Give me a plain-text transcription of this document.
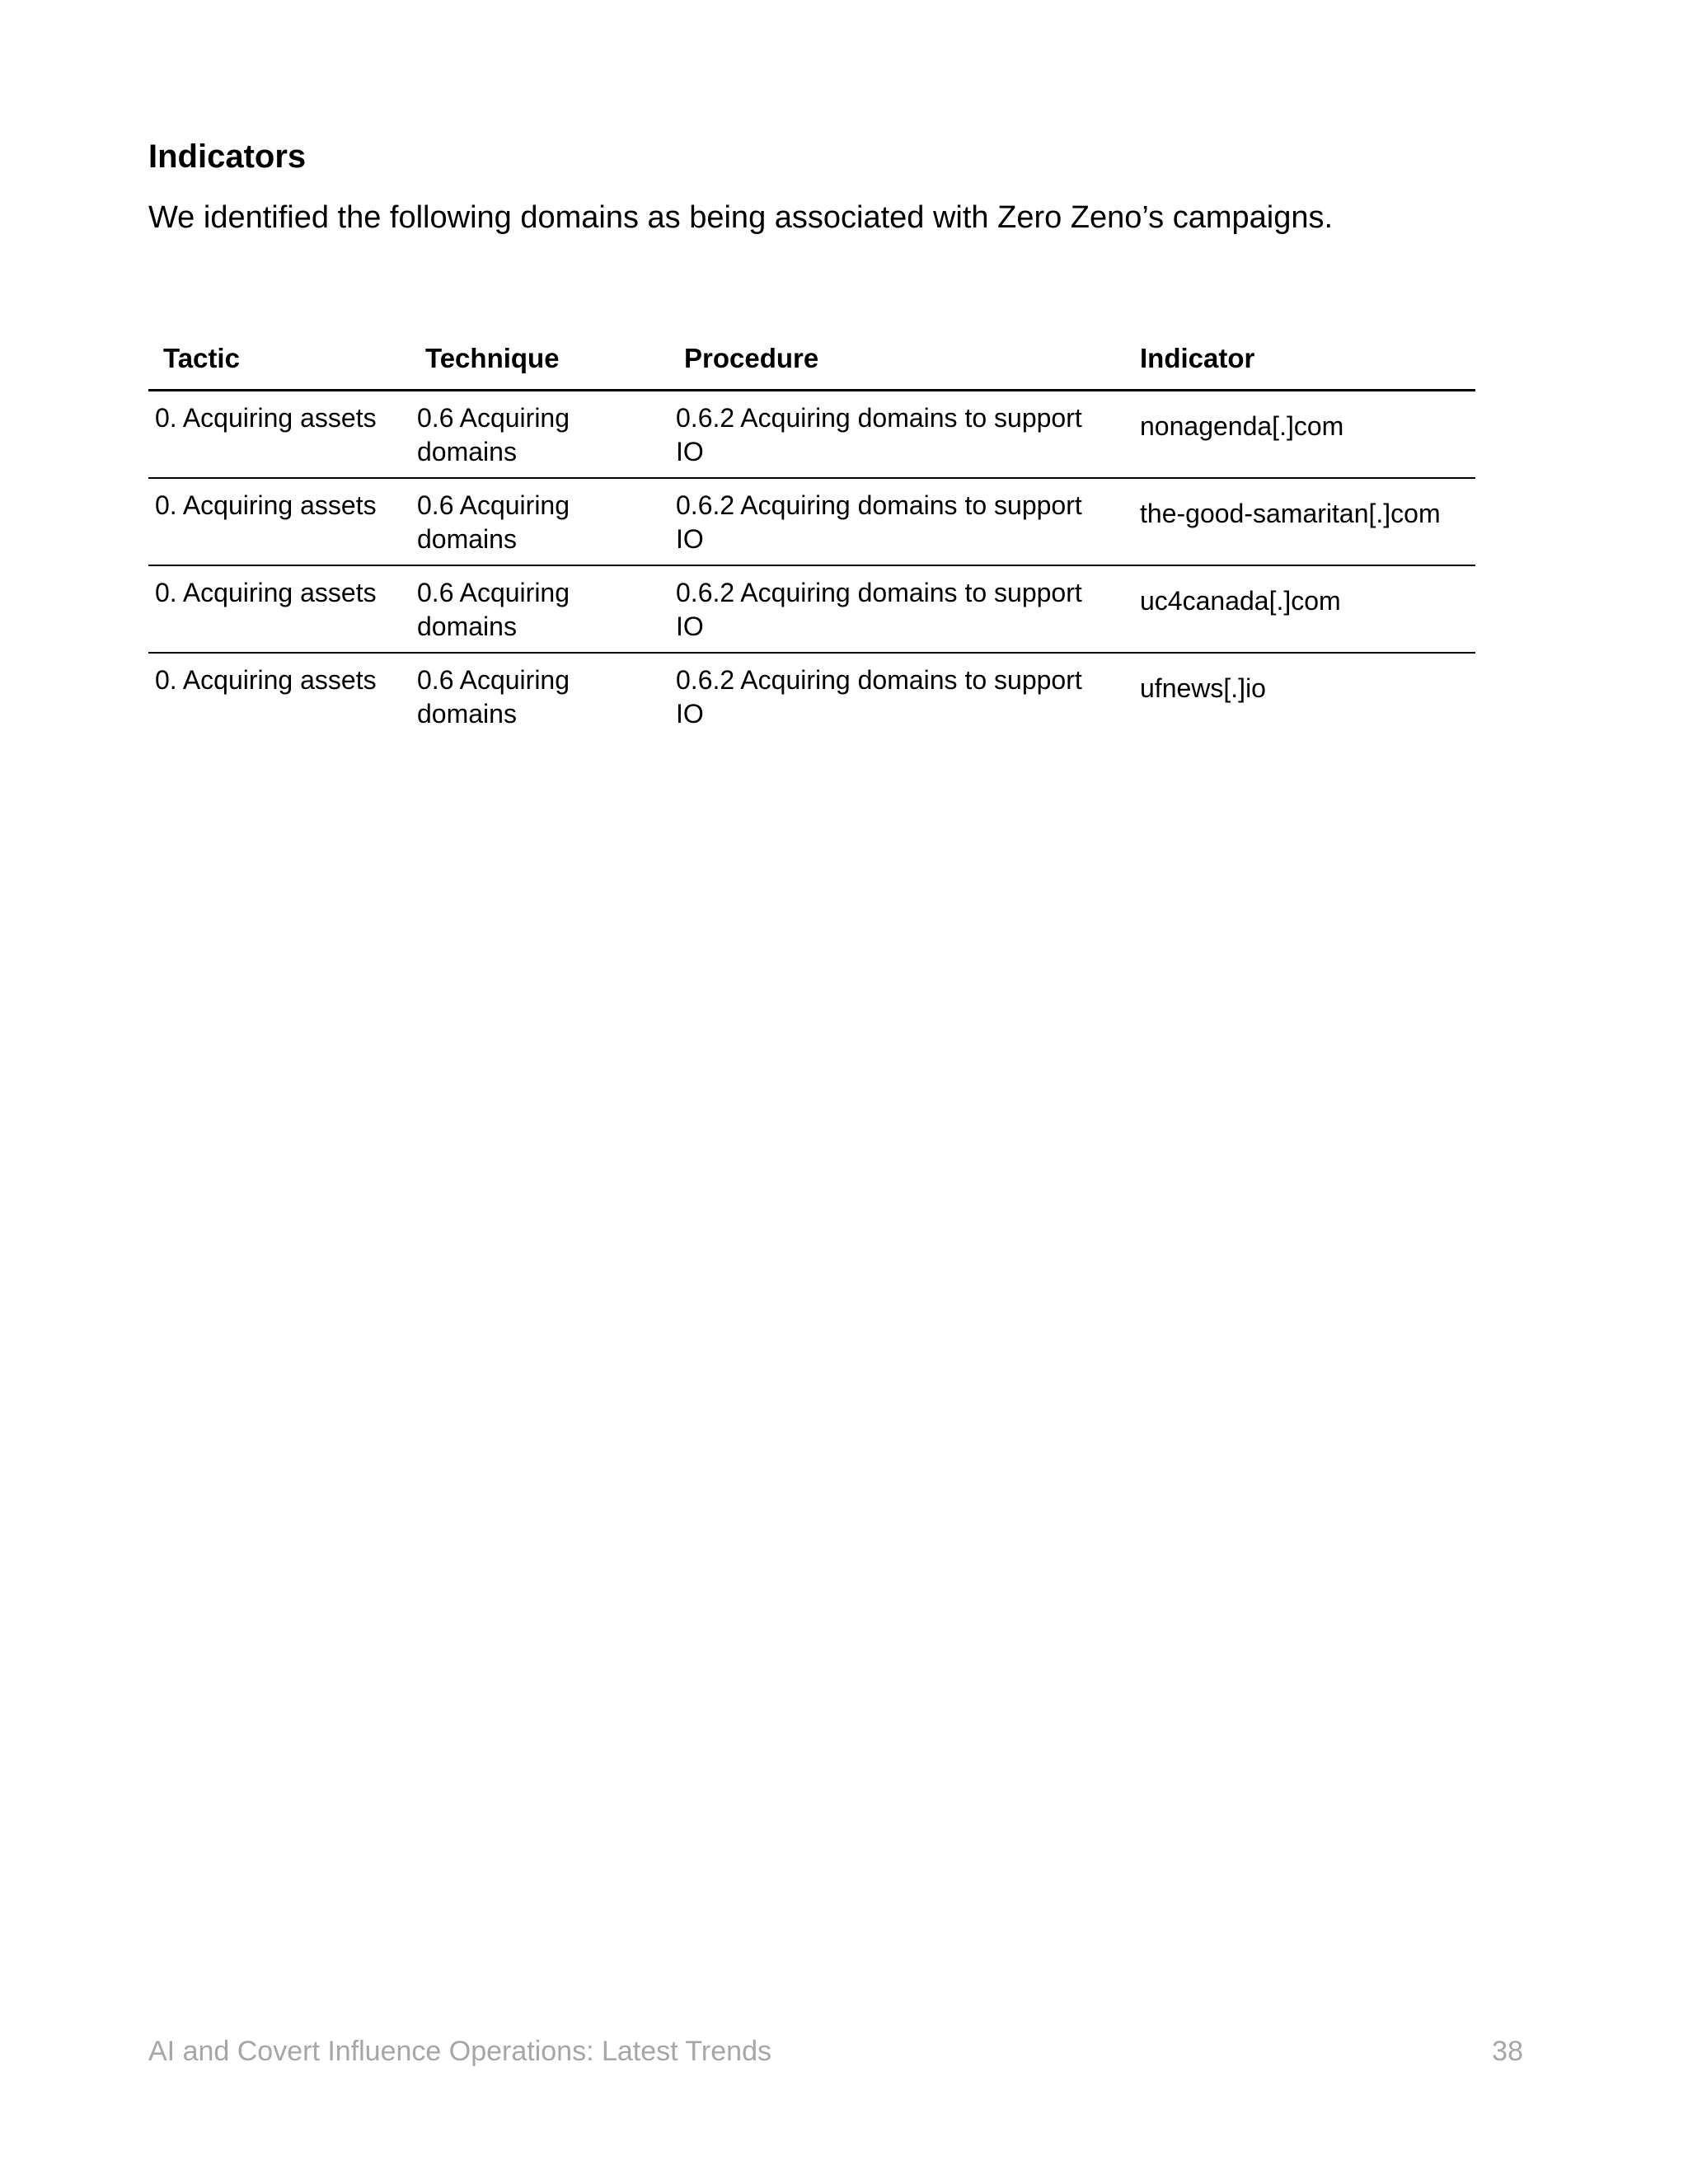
Indicators

We identified the following domains as being associated with Zero Zeno’s campaigns.

Tactic	Technique	Procedure	Indicator
0. Acquiring assets	0.6 Acquiring domains	0.6.2 Acquiring domains to support IO	nonagenda[.]com
0. Acquiring assets	0.6 Acquiring domains	0.6.2 Acquiring domains to support IO	the-good-samaritan[.]com
0. Acquiring assets	0.6 Acquiring domains	0.6.2 Acquiring domains to support IO	uc4canada[.]com
0. Acquiring assets	0.6 Acquiring domains	0.6.2 Acquiring domains to support IO	ufnews[.]io
AI and Covert Influence Operations: Latest Trends	38
